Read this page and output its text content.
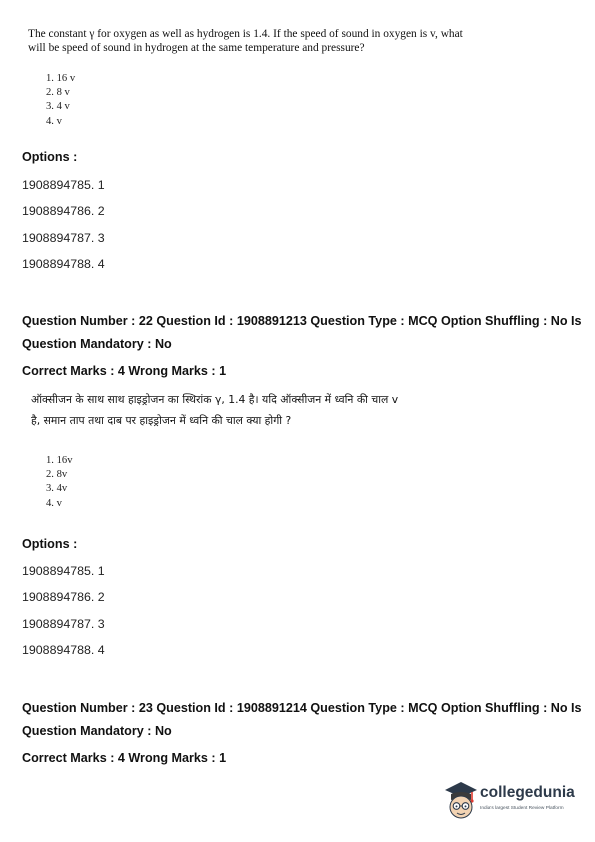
The constant γ for oxygen as well as hydrogen is 1.4. If the speed of sound in oxygen is v, what
will be speed of sound in hydrogen at the same temperature and pressure?
1. 16 v
2. 8 v
3. 4 v
4. v
Options :
1908894785. 1
1908894786. 2
1908894787. 3
1908894788. 4
Question Number : 22 Question Id : 1908891213 Question Type : MCQ Option Shuffling : No Is
Question Mandatory : No
Correct Marks : 4 Wrong Marks : 1
ऑक्सीजन के साथ साथ हाइड्रोजन का स्थिरांक γ, 1.4 है। यदि ऑक्सीजन में ध्वनि की चाल v
है, समान ताप तथा दाब पर हाइड्रोजन में ध्वनि की चाल क्या होगी ?
1. 16v
2. 8v
3. 4v
4. v
Options :
1908894785. 1
1908894786. 2
1908894787. 3
1908894788. 4
Question Number : 23 Question Id : 1908891214 Question Type : MCQ Option Shuffling : No Is
Question Mandatory : No
Correct Marks : 4 Wrong Marks : 1
collegedunia
India's largest Student Review Platform
